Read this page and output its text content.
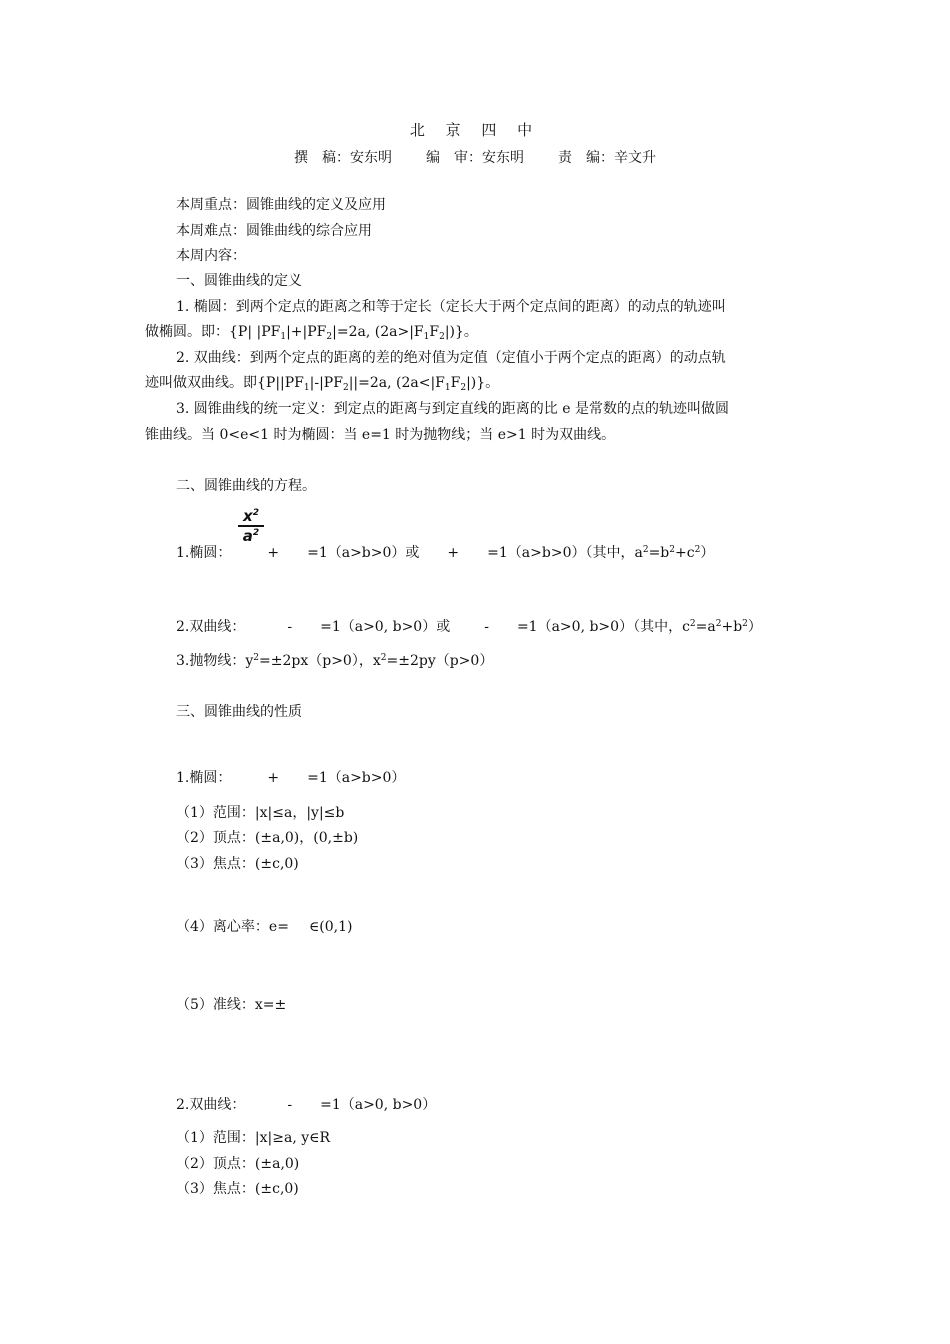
北 京 四 中
撰　稿：安东明 编　审：安东明 责　编：辛文升
本周重点：圆锥曲线的定义及应用
本周难点：圆锥曲线的综合应用
本周内容：
一、圆锥曲线的定义
1. 椭圆：到两个定点的距离之和等于定长（定长大于两个定点间的距离）的动点的轨迹叫
做椭圆。即：{P| $|PF_1|+|PF_2|=2a$, $(2a>|F_1F_2|)$}。
2. 双曲线：到两个定点的距离的差的绝对值为定值（定值小于两个定点的距离）的动点轨
迹叫做双曲线。即{$P||PF_1|-|PF_2||=2a$, $(2a<|F_1F_2|)$}。
3. 圆锥曲线的统一定义：到定点的距离与到定直线的距离的比 e 是常数的点的轨迹叫做圆
锥曲线。当 0<e<1 时为椭圆：当 e=1 时为抛物线；当 e>1 时为双曲线。
二、圆锥曲线的方程。
$\frac{x^2}{a^2}$
1.椭圆：	+ =1（a>b>0）或 + =1（a>b>0）（其中，$a^2=b^2+c^2$）
2.双曲线：	- =1（a>0, b>0）或 - =1（a>0, b>0）（其中，$c^2=a^2+b^2$）
3.抛物线：$y^2=\pm 2px(p>0)$，$x^2=\pm 2py(p>0)$
三、圆锥曲线的性质
1.椭圆：	+ =1（a>b>0）
（1）范围：|x|≤a，|y|≤b
（2）顶点：(±a,0)，(0,±b)
（3）焦点：(±c,0)
（4）离心率：e= ∈(0,1)
（5）准线：x=±
2.双曲线：	- =1（a>0, b>0）
（1）范围：|x|≥a, y∈R
（2）顶点：(±a,0)
（3）焦点：(±c,0)
